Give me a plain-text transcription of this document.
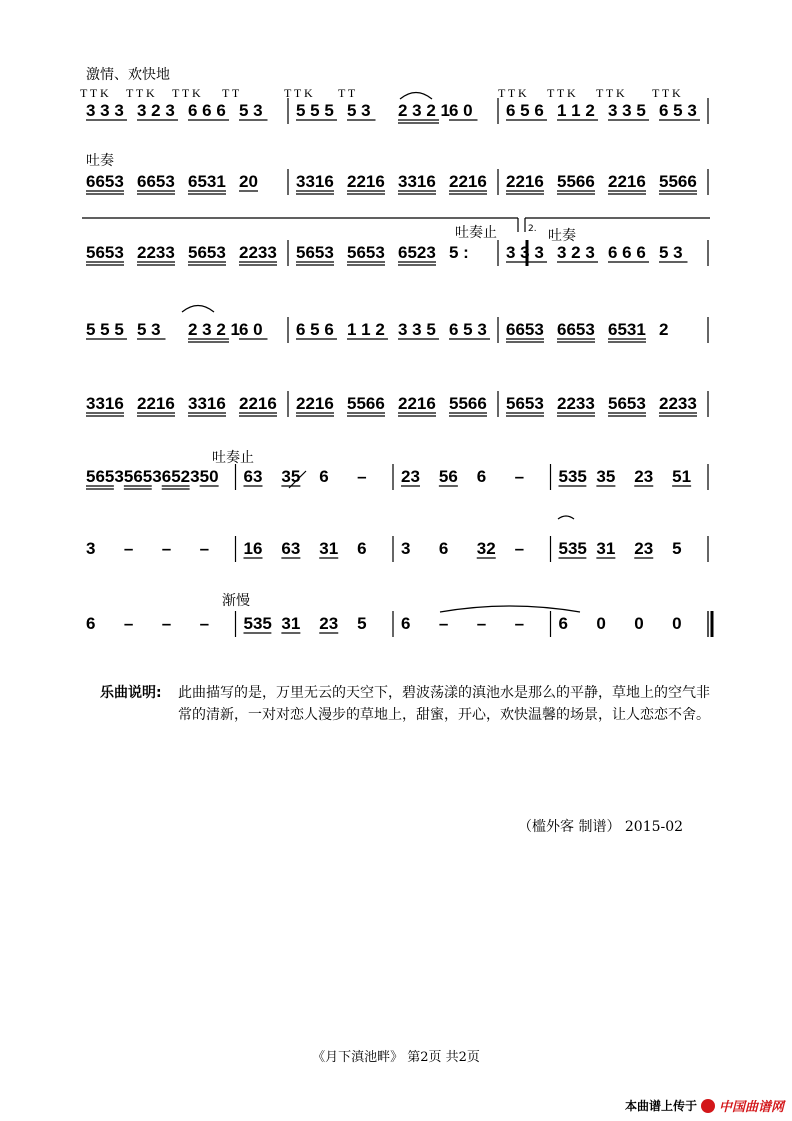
激情、欢快地
吐奏
吐奏止	2. 吐奏
吐奏止
渐慢
T T K T T K T T K T T	T T K T T	T T K T T K T T K T T K
3 3 3 3 2 3 6 6 6 5 3 5 5 5 5 3 2 3 2 1 6 0 6 5 6 1 1 2 3 3 5 6 5 3
6653 6653 6531 20 3316 2216 3316 2216 2216 5566 2216 5566
5653 2233 5653 2233 5653 5653 6523 5 : 3 3 3 3 2 3 6 6 6 5 3
5 5 5 5 3 2 3 2 1 6 0 6 5 6 1 1 2 3 3 5 6 5 3 6653 6653 6531 2
3316 2216 3316 2216 2216 5566 2216 5566 5653 2233 5653 2233
5653 5653 6523 50 63 35 6 – 23 56 6 – 535 35 23 51
3 – – – 16 63 31 6 3 6 32 – 535 31 23 5
6 – – – 535 31 23 5 6 – – – 6 0 0 0
乐曲说明: 此曲描写的是，万里无云的天空下，碧波荡漾的滇池水是那么的平静，草地上的空气非常的清新，一对对恋人漫步的草地上，甜蜜，开心，欢快温馨的场景，让人恋恋不舍。
（槛外客 制谱） 2015-02
《月下滇池畔》 第2页 共2页
本曲谱上传于 中国曲谱网
